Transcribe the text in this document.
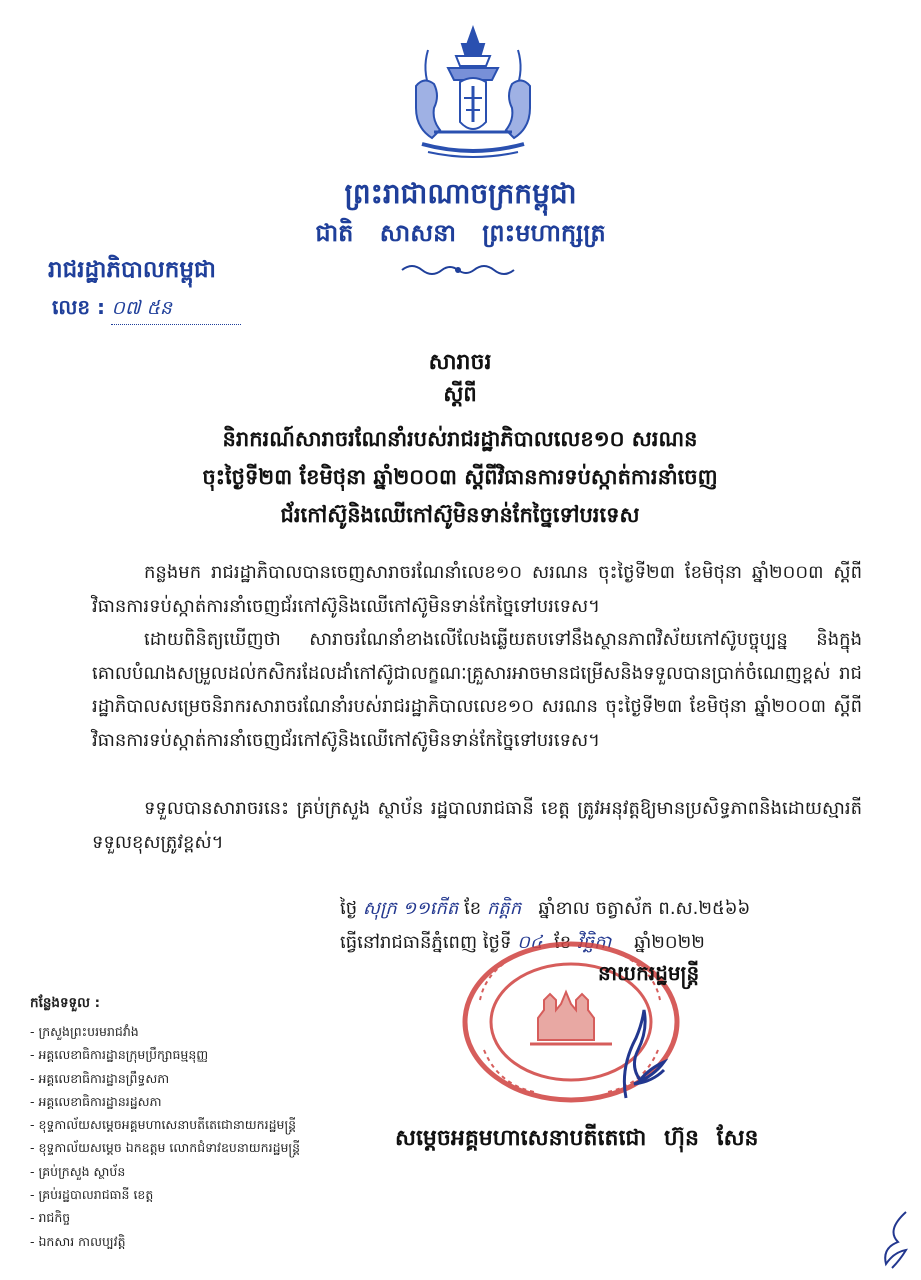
ព្រះរាជាណាចក្រកម្ពុជា
ជាតិ សាសនា ព្រះមហាក្សត្រ
រាជរដ្ឋាភិបាលកម្ពុជា
លេខ : ០៧ ៥ន
សារាចរ
ស្តីពី
និរាករណ៍សារាចរណែនាំរបស់រាជរដ្ឋាភិបាលលេខ១០ សរណន
ចុះថ្ងៃទី២៣ ខែមិថុនា ឆ្នាំ២០០៣ ស្តីពីវិធានការទប់ស្កាត់ការនាំចេញ
ជ័រកៅស៊ូនិងឈើកៅស៊ូមិនទាន់កែច្នៃទៅបរទេស

កន្លងមក រាជរដ្ឋាភិបាលបានចេញសារាចរណែនាំលេខ១០ សរណន ចុះថ្ងៃទី២៣ ខែមិថុនា ឆ្នាំ២០០៣ ស្តីពីវិធានការទប់ស្កាត់ការនាំចេញជ័រកៅស៊ូនិងឈើកៅស៊ូមិនទាន់កែច្នៃទៅបរទេស។

ដោយពិនិត្យឃើញថា សារាចរណែនាំខាងលើលែងឆ្លើយតបទៅនឹងស្ថានភាពវិស័យកៅស៊ូបច្ចុប្បន្ន និងក្នុងគោលបំណងសម្រួលដល់កសិករដែលដាំកៅស៊ូជាលក្ខណៈគ្រួសារអាចមានជម្រើសនិងទទួលបានប្រាក់ចំណេញខ្ពស់ រាជរដ្ឋាភិបាលសម្រេចនិរាករសារាចរណែនាំរបស់រាជរដ្ឋាភិបាលលេខ១០ សរណន ចុះថ្ងៃទី២៣ ខែមិថុនា ឆ្នាំ២០០៣ ស្តីពីវិធានការទប់ស្កាត់ការនាំចេញជ័រកៅស៊ូនិងឈើកៅស៊ូមិនទាន់កែច្នៃទៅបរទេស។

ទទួលបានសារាចរនេះ គ្រប់ក្រសួង ស្ថាប័ន រដ្ឋបាលរាជធានី ខេត្ត ត្រូវអនុវត្តឱ្យមានប្រសិទ្ធភាពនិងដោយស្មារតីទទួលខុសត្រូវខ្ពស់។

ថ្ងៃ សុក្រ ១១កើត ខែ កត្តិក ឆ្នាំខាល ចត្វាស័ក ព.ស.២៥៦៦
ធ្វើនៅរាជធានីភ្នំពេញ ថ្ងៃទី ០៤ ខែ វិច្ឆិកា ឆ្នាំ២០២២
នាយករដ្ឋមន្ត្រី
សម្តេចអគ្គមហាសេនាបតីតេជោ ហ៊ុន សែន
កន្លែងទទួល :
- ក្រសួងព្រះបរមរាជវាំង
- អគ្គលេខាធិការដ្ឋានក្រុមប្រឹក្សាធម្មនុញ្ញ
- អគ្គលេខាធិការដ្ឋានព្រឹទ្ធសភា
- អគ្គលេខាធិការដ្ឋានរដ្ឋសភា
- ខុទ្ទកាល័យសម្តេចអគ្គមហាសេនាបតីតេជោនាយករដ្ឋមន្ត្រី
- ខុទ្ទកាល័យសម្តេច ឯកឧត្តម លោកជំទាវឧបនាយករដ្ឋមន្ត្រី
- គ្រប់ក្រសួង ស្ថាប័ន
- គ្រប់រដ្ឋបាលរាជធានី ខេត្ត
- រាជកិច្ច
- ឯកសារ កាលប្បវត្តិ
